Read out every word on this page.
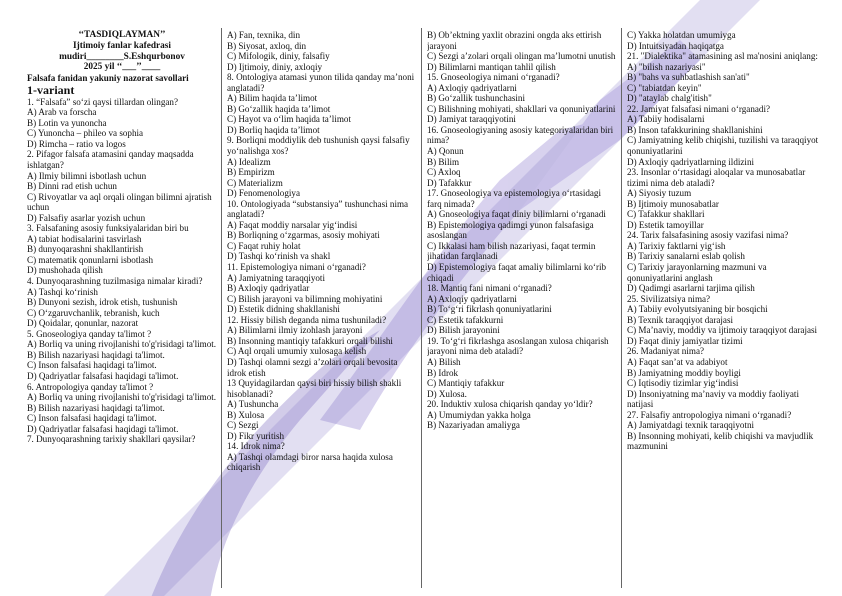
‘‘TASDIQLAYMAN’’
Ijtimoiy fanlar kafedrasi
mudiri________S.Eshqurbonov
2025 yil ‘‘___’’____
Falsafa fanidan yakuniy nazorat savollari
1-variant
1. “Falsafa” so‘zi qaysi tillardan olingan?
A) Arab va forscha
B) Lotin va yunoncha
C) Yunoncha – phileo va sophia
D) Rimcha – ratio va logos
2. Pifagor falsafa atamasini qanday maqsadda ishlatgan?
A) Ilmiy bilimni isbotlash uchun
B) Dinni rad etish uchun
C) Rivoyatlar va aql orqali olingan bilimni ajratish uchun
D) Falsafiy asarlar yozish uchun
3. Falsafaning asosiy funksiyalaridan biri bu
A) tabiat hodisalarini tasvirlash
B) dunyoqarashni shakllantirish
C) matematik qonunlarni isbotlash
D) mushohada qilish
4. Dunyoqarashning tuzilmasiga nimalar kiradi?
A) Tashqi ko‘rinish
B) Dunyoni sezish, idrok etish, tushunish
C) O‘zgaruvchanlik, tebranish, kuch
D) Qoidalar, qonunlar, nazorat
5. Gnoseologiya qanday ta'limot ?
A) Borliq va uning rivojlanishi to'g'risidagi ta'limot.
B) Bilish nazariyasi haqidagi ta'limot.
C) Inson falsafasi haqidagi ta'limot.
D) Qadriyatlar falsafasi haqidagi ta'limot.
6. Antropologiya qanday ta'limot ?
A) Borliq va uning rivojlanishi to'g'risidagi ta'limot.
B) Bilish nazariyasi haqidagi ta'limot.
C) Inson falsafasi haqidagi ta'limot.
D) Qadriyatlar falsafasi haqidagi ta'limot.
7. Dunyoqarashning tarixiy shakllari qaysilar?
A) Fan, texnika, din
B) Siyosat, axloq, din
C) Mifologik, diniy, falsafiy
D) Ijtimoiy, diniy, axloqiy
8. Ontologiya atamasi yunon tilida qanday ma’noni anglatadi?
A) Bilim haqida ta’limot
B) Go‘zallik haqida ta’limot
C) Hayot va o‘lim haqida ta’limot
D) Borliq haqida ta’limot
9. Borliqni moddiylik deb tushunish qaysi falsafiy yo‘nalishga xos?
A) Idealizm
B) Empirizm
C) Materializm
D) Fenomenologiya
10. Ontologiyada “substansiya” tushunchasi nima anglatadi?
A) Faqat moddiy narsalar yig‘indisi
B) Borliqning o‘zgarmas, asosiy mohiyati
C) Faqat ruhiy holat
D) Tashqi ko‘rinish va shakl
11. Epistemologiya nimani o‘rganadi?
A) Jamiyatning taraqqiyoti
B) Axloqiy qadriyatlar
C) Bilish jarayoni va bilimning mohiyatini
D) Estetik didning shakllanishi
12. Hissiy bilish deganda nima tushuniladi?
A) Bilimlarni ilmiy izohlash jarayoni
B) Insonning mantiqiy tafakkuri orqali bilishi
C) Aql orqali umumiy xulosaga kelish
D) Tashqi olamni sezgi a’zolari orqali bevosita idrok etish
13 Quyidagilardan qaysi biri hissiy bilish shakli hisoblanadi?
A) Tushuncha
B) Xulosa
C) Sezgi
D) Fikr yuritish
14. Idrok nima?
A) Tashqi olamdagi biror narsa haqida xulosa chiqarish
B) Ob’ektning yaxlit obrazini ongda aks ettirish jarayoni
C) Sezgi a’zolari orqali olingan ma’lumotni unutish
D) Bilimlarni mantiqan tahlil qilish
15. Gnoseologiya nimani o‘rganadi?
A) Axloqiy qadriyatlarni
B) Go‘zallik tushunchasini
C) Bilishning mohiyati, shakllari va qonuniyatlarini
D) Jamiyat taraqqiyotini
16. Gnoseologiyaning asosiy kategoriyalaridan biri nima?
A) Qonun
B) Bilim
C) Axloq
D) Tafakkur
17. Gnoseologiya va epistemologiya o‘rtasidagi farq nimada?
A) Gnoseologiya faqat diniy bilimlarni o‘rganadi
B) Epistemologiya qadimgi yunon falsafasiga asoslangan
C) Ikkalasi ham bilish nazariyasi, faqat termin jihatidan farqlanadi
D) Epistemologiya faqat amaliy bilimlarni ko‘rib chiqadi
18. Mantiq fani nimani o‘rganadi?
A) Axloqiy qadriyatlarni
B) To‘g‘ri fikrlash qonuniyatlarini
C) Estetik tafakkurni
D) Bilish jarayonini
19. To‘g‘ri fikrlashga asoslangan xulosa chiqarish jarayoni nima deb ataladi?
A) Bilish
B) Idrok
C) Mantiqiy tafakkur
D) Xulosa.
20. Induktiv xulosa chiqarish qanday yo‘ldir?
A) Umumiydan yakka holga
B) Nazariyadan amaliyga
C) Yakka holatdan umumiyga
D) Intuitsiyadan haqiqatga
21. "Dialektika" atamasining asl ma'nosini aniqlang:
A) "bilish nazariyasi"
B) "bahs va suhbatlashish san'ati"
C) "tabiatdan keyin"
D) "ataylab chalg'itish"
22. Jamiyat falsafasi nimani o‘rganadi?
A) Tabiiy hodisalarni
B) Inson tafakkurining shakllanishini
C) Jamiyatning kelib chiqishi, tuzilishi va taraqqiyot qonuniyatlarini
D) Axloqiy qadriyatlarning ildizini
23. Insonlar o‘rtasidagi aloqalar va munosabatlar tizimi nima deb ataladi?
A) Siyosiy tuzum
B) Ijtimoiy munosabatlar
C) Tafakkur shakllari
D) Estetik tamoyillar
24. Tarix falsafasining asosiy vazifasi nima?
A) Tarixiy faktlarni yig‘ish
B) Tarixiy sanalarni eslab qolish
C) Tarixiy jarayonlarning mazmuni va qonuniyatlarini anglash
D) Qadimgi asarlarni tarjima qilish
25. Sivilizatsiya nima?
A) Tabiiy evolyutsiyaning bir bosqichi
B) Texnik taraqqiyot darajasi
C) Ma’naviy, moddiy va ijtimoiy taraqqiyot darajasi
D) Faqat diniy jamiyatlar tizimi
26. Madaniyat nima?
A) Faqat san’at va adabiyot
B) Jamiyatning moddiy boyligi
C) Iqtisodiy tizimlar yig‘indisi
D) Insoniyatning ma’naviy va moddiy faoliyati natijasi
27. Falsafiy antropologiya nimani o‘rganadi?
A) Jamiyatdagi texnik taraqqiyotni
B) Insonning mohiyati, kelib chiqishi va mavjudlik mazmunini
